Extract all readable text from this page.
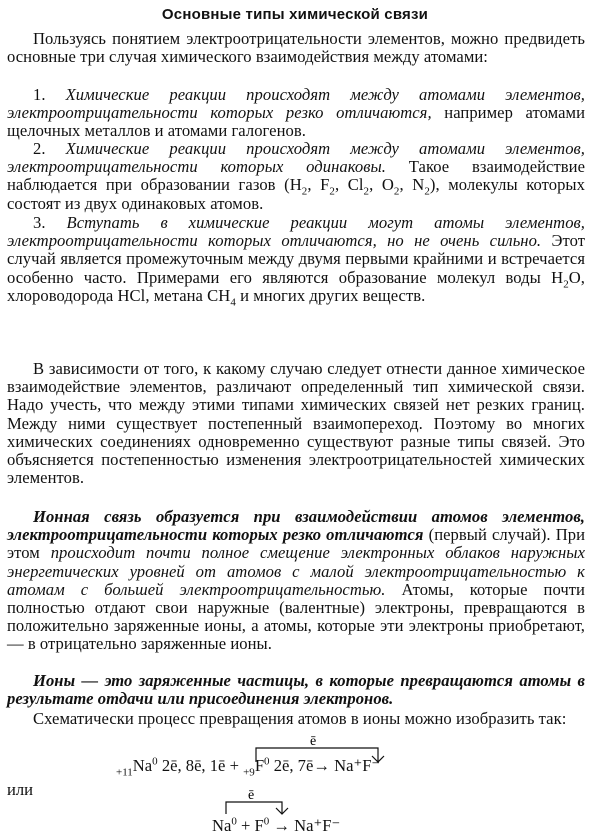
Основные типы химической связи

Пользуясь понятием электроотрицательности элементов, можно предвидеть основные три случая химического взаимодействия между атомами:

1. Химические реакции происходят между атомами элементов, электроотрицательности которых резко отличаются, например атомами щелочных металлов и атомами галогенов.

2. Химические реакции происходят между атомами элементов, электроотрицательности которых одинаковы. Такое взаимодействие наблюдается при образовании газов ($H_2$, $F_2$, $Cl_2$, $O_2$, $N_2$), молекулы которых состоят из двух одинаковых атомов.

3. Вступать в химические реакции могут атомы элементов, электроотрицательности которых отличаются, но не очень сильно. Этот случай является промежуточным между двумя первыми крайними и встречается особенно часто. Примерами его являются образование молекул воды $H_2O$, хлороводорода HCl, метана $CH_4$ и многих других веществ.

В зависимости от того, к какому случаю следует отнести данное химическое взаимодействие элементов, различают определенный тип химической связи. Надо учесть, что между этими типами химических связей нет резких границ. Между ними существует постепенный взаимопереход. Поэтому во многих химических соединениях одновременно существуют разные типы связей. Это объясняется постепенностью изменения электроотрицательностей химических элементов.

Ионная связь образуется при взаимодействии атомов элементов, электроотрицательности которых резко отличаются (первый случай). При этом происходит почти полное смещение электронных облаков наружных энергетических уровней от атомов с малой электроотрицательностью к атомам с большей электроотрицательностью. Атомы, которые почти полностью отдают свои наружные (валентные) электроны, превращаются в положительно заряженные ионы, а атомы, которые эти электроны приобретают, — в отрицательно заряженные ионы.

Ионы — это заряженные частицы, в которые превращаются атомы в результате отдачи или присоединения электронов.

Схематически процесс превращения атомов в ионы можно изобразить так:

ē
$_{+11}Na^0$ 2ē, 8ē, 1ē + $_{+9}F^0$ 2ē, 7ē→ Na⁺F⁻
или	ē
$Na^0 + F^0 \to Na^+F^-$
